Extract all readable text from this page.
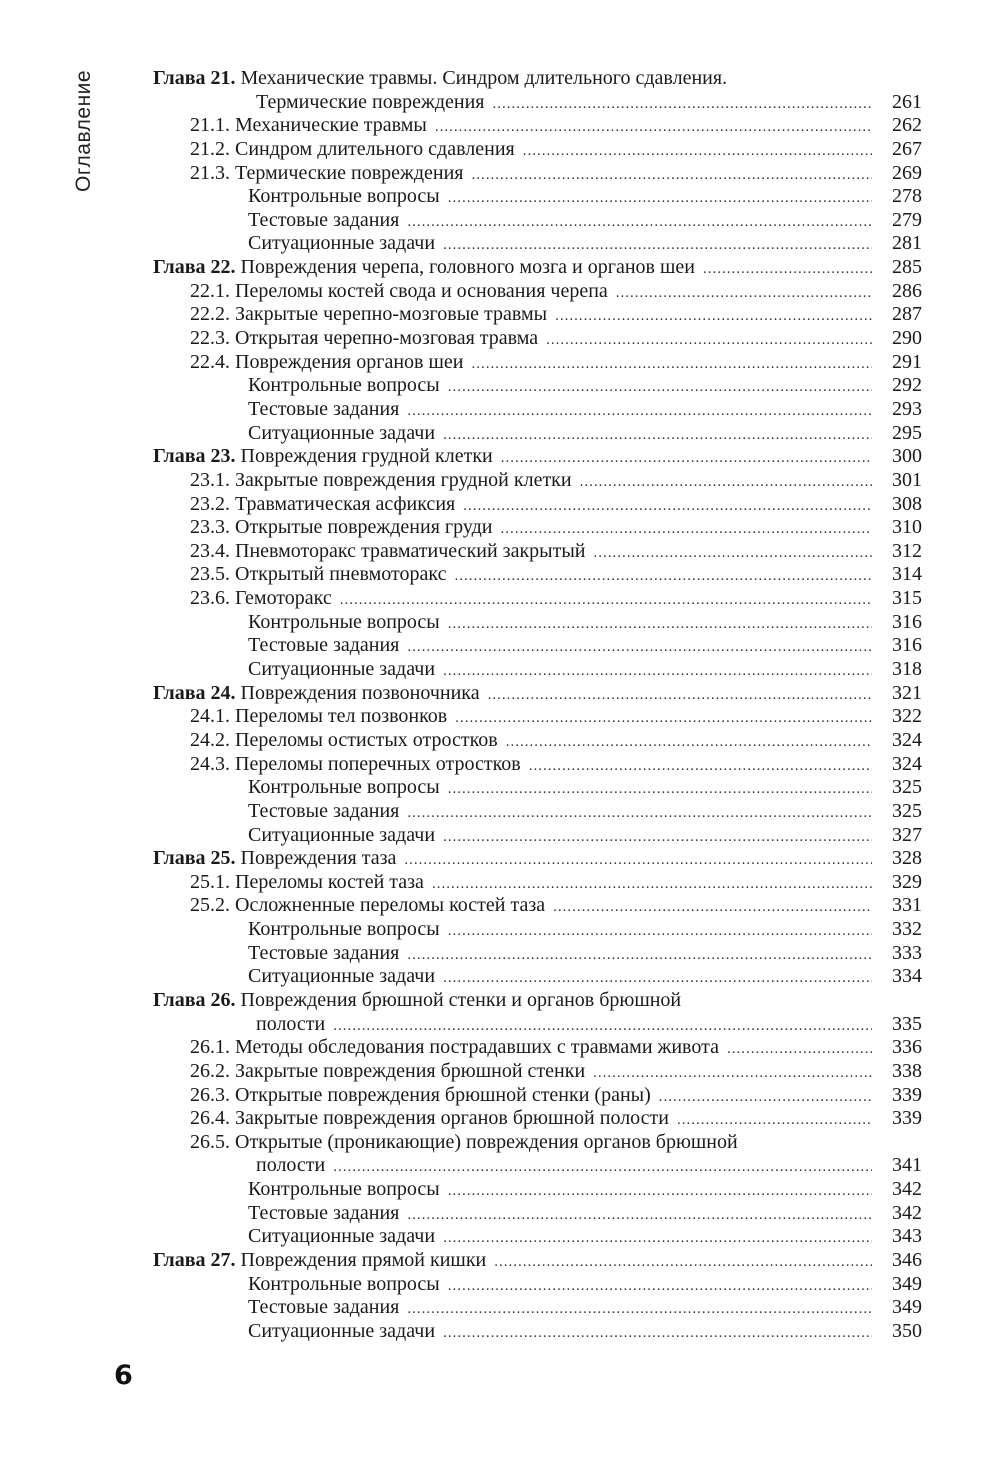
Оглавление	Глава 21. Механические травмы. Синдром длительного сдавления.
Термические повреждения .....	261
21.1. Механические травмы .....	262
21.2. Синдром длительного сдавления .....	267
21.3. Термические повреждения .....	269
Контрольные вопросы .....	278
Тестовые задания .....	279
Ситуационные задачи .....	281
Глава 22. Повреждения черепа, головного мозга и органов шеи .....	285
22.1. Переломы костей свода и основания черепа .....	286
22.2. Закрытые черепно-мозговые травмы .....	287
22.3. Открытая черепно-мозговая травма .....	290
22.4. Повреждения органов шеи .....	291
Контрольные вопросы .....	292
Тестовые задания .....	293
Ситуационные задачи .....	295
Глава 23. Повреждения грудной клетки .....	300
23.1. Закрытые повреждения грудной клетки .....	301
23.2. Травматическая асфиксия .....	308
23.3. Открытые повреждения груди .....	310
23.4. Пневмоторакс травматический закрытый .....	312
23.5. Открытый пневмоторакс .....	314
23.6. Гемоторакс .....	315
Контрольные вопросы .....	316
Тестовые задания .....	316
Ситуационные задачи .....	318
Глава 24. Повреждения позвоночника .....	321
24.1. Переломы тел позвонков .....	322
24.2. Переломы остистых отростков .....	324
24.3. Переломы поперечных отростков .....	324
Контрольные вопросы .....	325
Тестовые задания .....	325
Ситуационные задачи .....	327
Глава 25. Повреждения таза .....	328
25.1. Переломы костей таза .....	329
25.2. Осложненные переломы костей таза .....	331
Контрольные вопросы .....	332
Тестовые задания .....	333
Ситуационные задачи .....	334
Глава 26. Повреждения брюшной стенки и органов брюшной
полости .....	335
26.1. Методы обследования пострадавших с травмами живота .....	336
26.2. Закрытые повреждения брюшной стенки .....	338
26.3. Открытые повреждения брюшной стенки (раны) .....	339
26.4. Закрытые повреждения органов брюшной полости .....	339
26.5. Открытые (проникающие) повреждения органов брюшной
полости .....	341
Контрольные вопросы .....	342
Тестовые задания .....	342
Ситуационные задачи .....	343
Глава 27. Повреждения прямой кишки .....	346
Контрольные вопросы .....	349
Тестовые задания .....	349
Ситуационные задачи .....	350
6
